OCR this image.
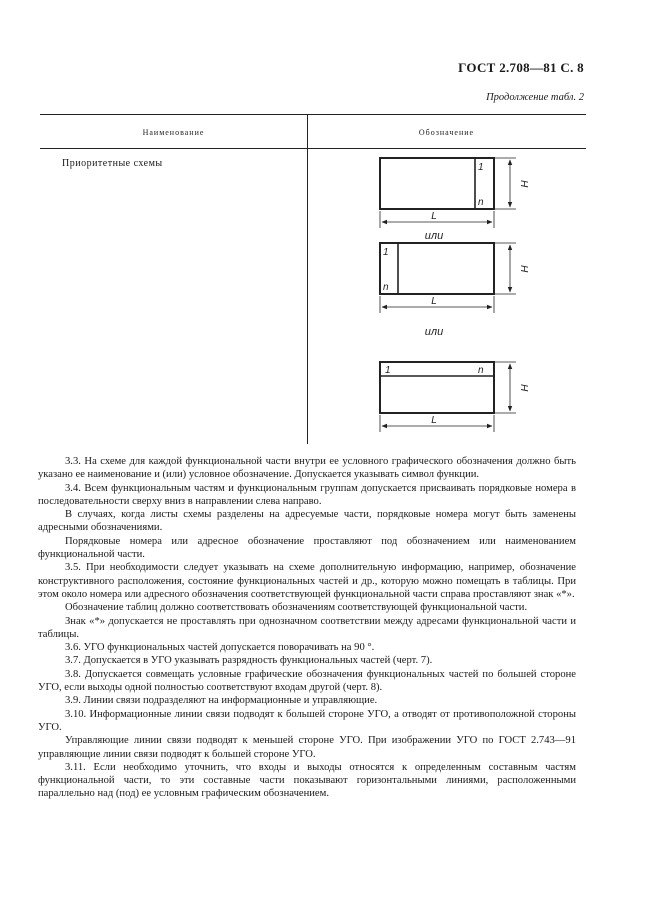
ГОСТ 2.708—81 С. 8
Продолжение табл. 2
Наименование	Обозначение
Приоритетные схемы	1
n
H
L
или
1
n
H
L
или
1	n
H
L

3.3. На схеме для каждой функциональной части внутри ее условного графического обозначения должно быть указано ее наименование и (или) условное обозначение. Допускается указывать символ функции.

3.4. Всем функциональным частям и функциональным группам допускается присваивать порядковые номера в последовательности сверху вниз в направлении слева направо.

В случаях, когда листы схемы разделены на адресуемые части, порядковые номера могут быть заменены адресными обозначениями.

Порядковые номера или адресное обозначение проставляют под обозначением или наименованием функциональной части.

3.5. При необходимости следует указывать на схеме дополнительную информацию, например, обозначение конструктивного расположения, состояние функциональных частей и др., которую можно помещать в таблицы. При этом около номера или адресного обозначения соответствующей функциональной части справа проставляют знак «*».

Обозначение таблиц должно соответствовать обозначениям соответствующей функциональной части.

Знак «*» допускается не проставлять при однозначном соответствии между адресами функциональной части и таблицы.

3.6. УГО функциональных частей допускается поворачивать на 90 °.

3.7. Допускается в УГО указывать разрядность функциональных частей (черт. 7).

3.8. Допускается совмещать условные графические обозначения функциональных частей по большей стороне УГО, если выходы одной полностью соответствуют входам другой (черт. 8).

3.9. Линии связи подразделяют на информационные и управляющие.

3.10. Информационные линии связи подводят к большей стороне УГО, а отводят от противоположной стороны УГО.

Управляющие линии связи подводят к меньшей стороне УГО. При изображении УГО по ГОСТ 2.743—91 управляющие линии связи подводят к большей стороне УГО.

3.11. Если необходимо уточнить, что входы и выходы относятся к определенным составным частям функциональной части, то эти составные части показывают горизонтальными линиями, расположенными параллельно над (под) ее условным графическим обозначением.
